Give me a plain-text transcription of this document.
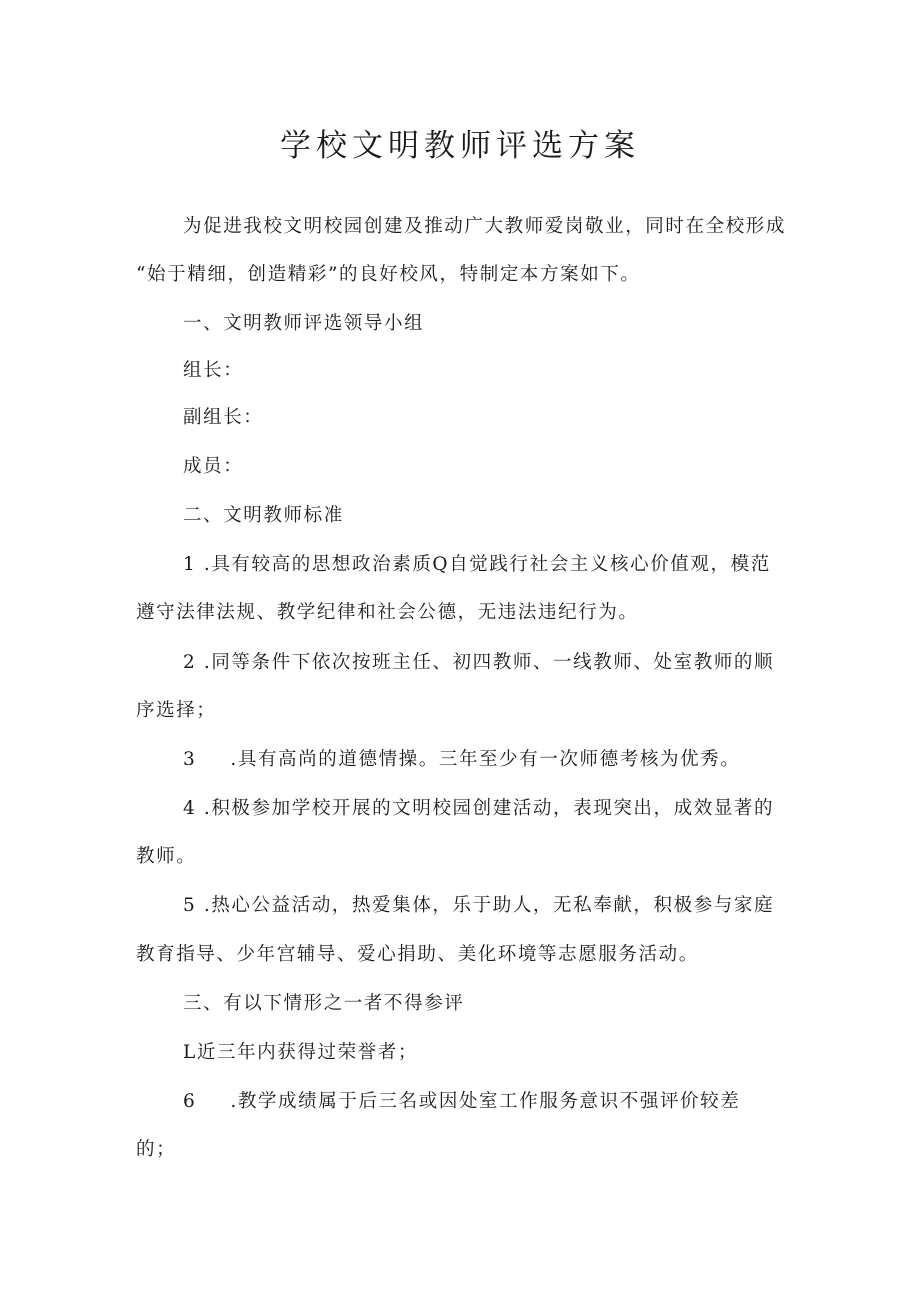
学校文明教师评选方案

为促进我校文明校园创建及推动广大教师爱岗敬业，同时在全校形成

“始于精细，创造精彩”的良好校风，特制定本方案如下。

一、文明教师评选领导小组

组长：

副组长：

成员：

二、文明教师标准

1 .具有较高的思想政治素质Q自觉践行社会主义核心价值观，模范

遵守法律法规、教学纪律和社会公德，无违法违纪行为。

2 .同等条件下依次按班主任、初四教师、一线教师、处室教师的顺

序选择；

3 .具有高尚的道德情操。三年至少有一次师德考核为优秀。

4 .积极参加学校开展的文明校园创建活动，表现突出，成效显著的

教师。

5 .热心公益活动，热爱集体，乐于助人，无私奉献，积极参与家庭

教育指导、少年宫辅导、爱心捐助、美化环境等志愿服务活动。

三、有以下情形之一者不得参评

L近三年内获得过荣誉者；

6 .教学成绩属于后三名或因处室工作服务意识不强评价较差

的；
